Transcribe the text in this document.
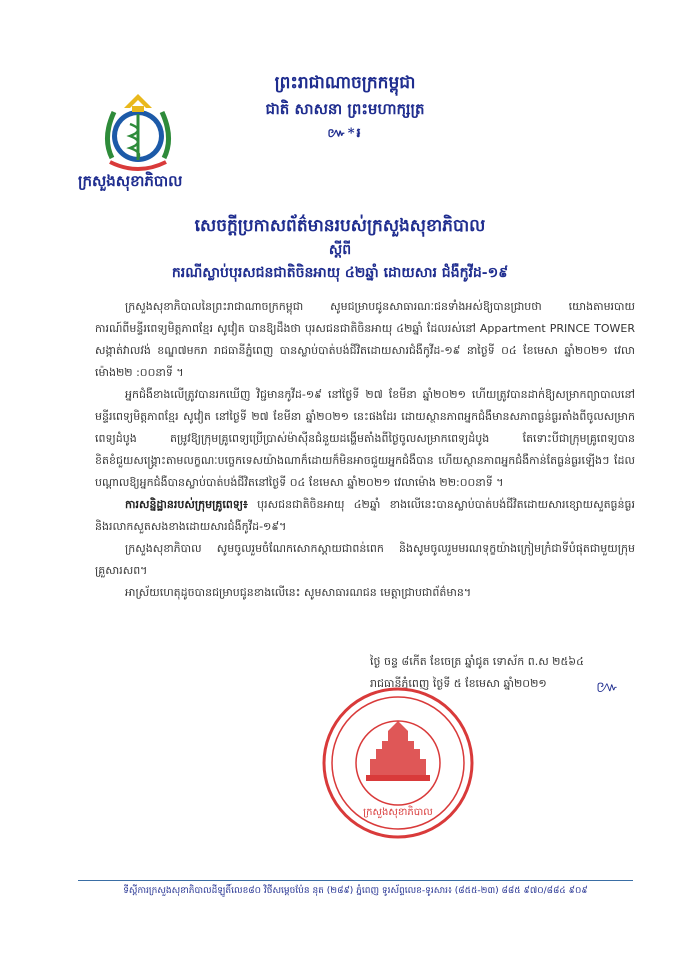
ក្រសួងសុខាភិបាល
ព្រះរាជាណាចក្រកម្ពុជា
ជាតិ សាសនា ព្រះមហាក្សត្រ
៚*៛
សេចក្តីប្រកាសព័ត៌មានរបស់ក្រសួងសុខាភិបាល
ស្តីពី
ករណីស្លាប់បុរសជនជាតិចិនអាយុ ៤២ឆ្នាំ ដោយសារ ជំងឺកូវីដ-១៩

ក្រសួងសុខាភិបាលនៃព្រះរាជាណាចក្រកម្ពុជា សូមជម្រាបជូនសាធារណៈជនទាំងអស់ឱ្យបានជ្រាបថា យោងតាមរបាយការណ៍ពីមន្ទីរពេទ្យមិត្តភាពខ្មែរ សូវៀត បានឱ្យដឹងថា បុរសជនជាតិចិនអាយុ ៤២ឆ្នាំ ដែលរស់នៅ Appartment PRINCE TOWER សង្កាត់វាលវង់ ខណ្ឌ៧មករា រាជធានីភ្នំពេញ បានស្លាប់បាត់បង់ជីវិតដោយសារជំងឺកូវីដ-១៩ នាថ្ងៃទី ០៤ ខែមេសា ឆ្នាំ២០២១ វេលាម៉ោង២២ :០០នាទី ។

អ្នកជំងឺខាងលើត្រូវបានរកឃើញ វិជ្ជមានកូវីដ-១៩ នៅថ្ងៃទី ២៧ ខែមីនា ឆ្នាំ២០២១ ហើយត្រូវបានដាក់ឱ្យសម្រាកព្យាបាលនៅមន្ទីរពេទ្យមិត្តភាពខ្មែរ សូវៀត នៅថ្ងៃទី ២៧ ខែមីនា ឆ្នាំ២០២១ នេះផងដែរ ដោយស្ថានភាពអ្នកជំងឺមានសភាពធ្ងន់ធ្ងរតាំងពីចូលសម្រាកពេទ្យដំបូង តម្រូវឱ្យក្រុមគ្រូពេទ្យប្រើប្រាស់ម៉ាស៊ីនជំនួយដង្ហើមតាំងពីថ្ងៃចូលសម្រាកពេទ្យដំបូង តែទោះបីជាក្រុមគ្រូពេទ្យបានខិតខំជួយសង្គ្រោះតាមលក្ខណៈបច្ចេកទេសយ៉ាងណាក៏ដោយក៏មិនអាចជួយអ្នកជំងឺបាន ហើយស្ថានភាពអ្នកជំងឺកាន់តែធ្ងន់ធ្ងរឡើងៗ ដែលបណ្តាលឱ្យអ្នកជំងឺបានស្លាប់បាត់បង់ជីវិតនៅថ្ងៃទី ០៤ ខែមេសា ឆ្នាំ២០២១ វេលាម៉ោង ២២:០០នាទី ។

ការសន្និដ្ឋានរបស់ក្រុមគ្រូពេទ្យ៖ បុរសជនជាតិចិនអាយុ ៤២ឆ្នាំ ខាងលើនេះបានស្លាប់បាត់បង់ជីវិតដោយសារខ្សោយសួតធ្ងន់ធ្ងរ និងរលាកសួតសងខាងដោយសារជំងឺកូវីដ-១៩។

ក្រសួងសុខាភិបាល សូមចូលរួមចំណែកសោកស្តាយជាពន់ពេក និងសូមចូលរួមមរណទុក្ខយ៉ាងក្រៀមក្រំជាទីបំផុតជាមួយក្រុមគ្រួសារសព។

អាស្រ័យហេតុដូចបានជម្រាបជូនខាងលើនេះ សូមសាធារណជន មេត្តាជ្រាបជាព័ត៌មាន។

ថ្ងៃ ចន្ទ ៨កើត ខែចេត្រ ឆ្នាំជូត ទោស័ក ព.ស ២៥៦៤
រាជធានីភ្នំពេញ ថ្ងៃទី ៥ ខែមេសា ឆ្នាំ២០២១	៚
ក្រសួងសុខាភិបាល
ទីស្តីការក្រសួងសុខាភិបាលដីឡូតិ៍លេខ៨០ វិថីសម្តេចប៉ែន នុត (២៨៩) ភ្នំពេញ ទូរស័ព្ទលេខ-ទូរសារ៖ (៨៥៥-២៣) ៨៨៥ ៩៧០/៨៨៤ ៩០៩
